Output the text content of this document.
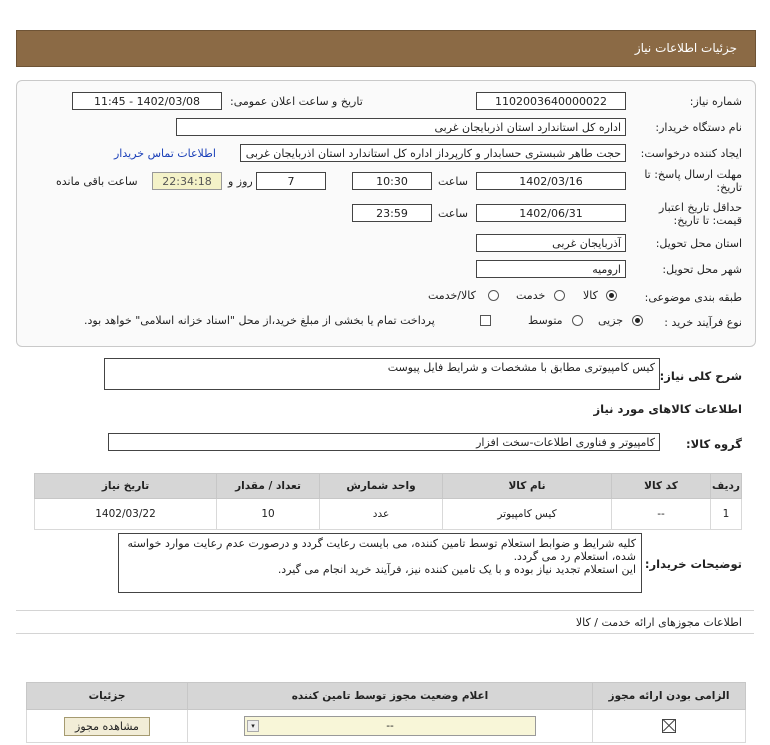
جزئیات اطلاعات نیاز
شماره نیاز:
1102003640000022
تاریخ و ساعت اعلان عمومی:
1402/03/08 - 11:45
نام دستگاه خریدار:
اداره کل استاندارد استان اذربایجان غربی
ایجاد کننده درخواست:
حجت طاهر شبستری حسابدار و کارپرداز اداره کل استاندارد استان اذربایجان غربی
اطلاعات تماس خریدار
مهلت ارسال پاسخ: تا
تاریخ:
1402/03/16
ساعت
10:30
7
روز و
22:34:18
ساعت باقی مانده
حداقل تاریخ اعتبار
قیمت: تا تاریخ:
1402/06/31
ساعت
23:59
استان محل تحویل:
آذربایجان غربی
شهر محل تحویل:
ارومیه
طبقه بندی موضوعی:
کالا
خدمت
کالا/خدمت
نوع فرآیند خرید :
جزیی
متوسط
پرداخت تمام یا بخشی از مبلغ خرید،از محل "اسناد خزانه اسلامی" خواهد بود.
شرح کلی نیاز:
کیس کامپیوتری مطابق با مشخصات و شرایط فایل پیوست
اطلاعات کالاهای مورد نیاز
گروه کالا:
کامپیوتر و فناوری اطلاعات-سخت افزار
ردیف	کد کالا	نام کالا	واحد شمارش	تعداد / مقدار	تاریخ نیاز
1	--	کیس کامپیوتر	عدد	10	1402/03/22
توضیحات خریدار:
کلیه شرایط و ضوابط استعلام توسط تامین کننده، می بایست رعایت گردد و درصورت عدم رعایت موارد خواسته شده، استعلام رد می گردد.
این استعلام تجدید نیاز بوده و با یک تامین کننده نیز، فرآیند خرید انجام می گیرد.
اطلاعات مجوزهای ارائه خدمت / کالا
الزامی بودن ارائه مجوز	اعلام وضعیت مجوز توسط تامین کننده	جزئیات

	▾ --	مشاهده مجوز
